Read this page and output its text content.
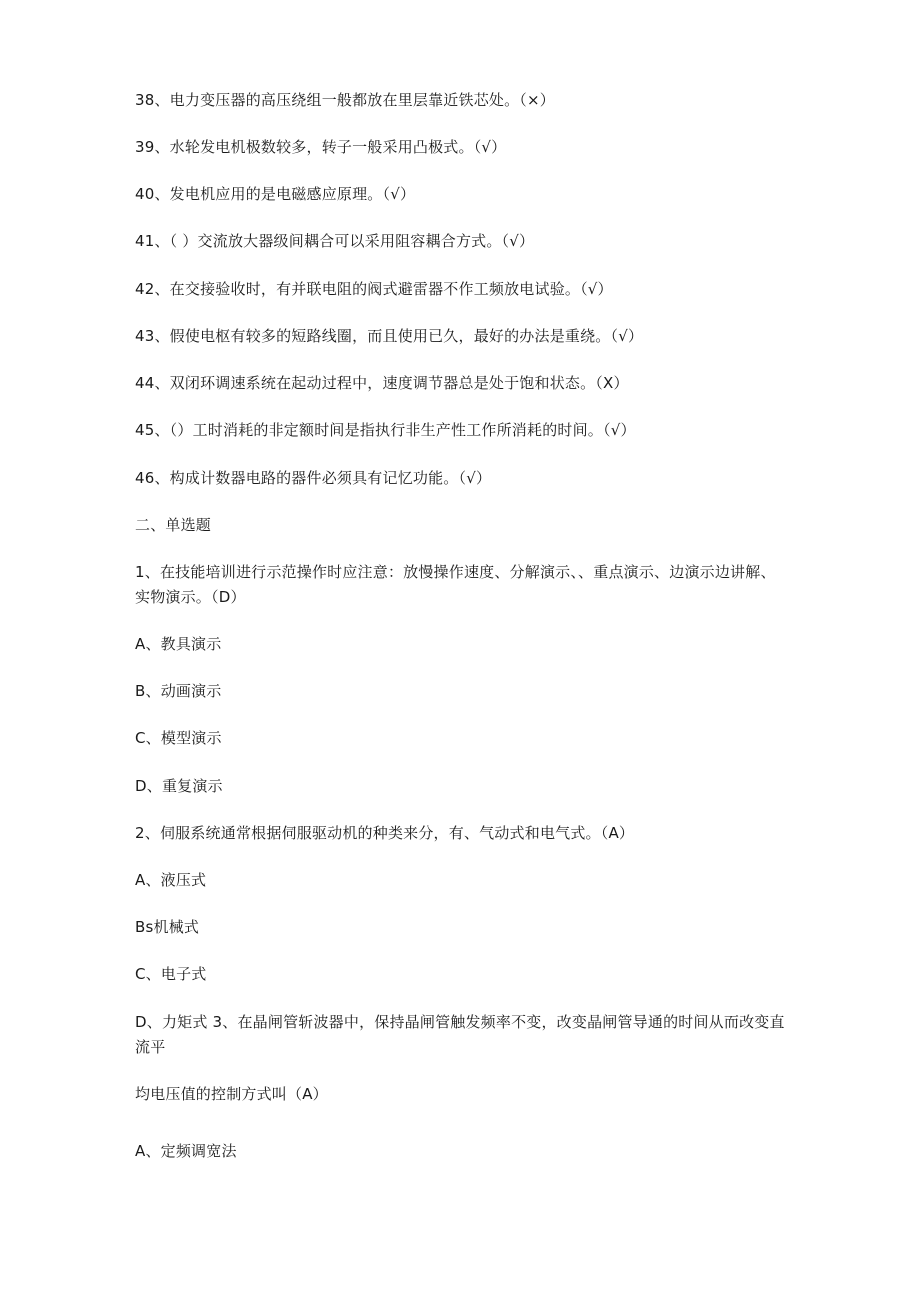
38、电力变压器的高压绕组一般都放在里层靠近铁芯处。（×）
39、水轮发电机极数较多，转子一般采用凸极式。（√）
40、发电机应用的是电磁感应原理。（√）
41、（ ）交流放大器级间耦合可以采用阻容耦合方式。（√）
42、在交接验收时，有并联电阻的阀式避雷器不作工频放电试验。（√）
43、假使电枢有较多的短路线圈，而且使用已久，最好的办法是重绕。（√）
44、双闭环调速系统在起动过程中，速度调节器总是处于饱和状态。（X）
45、（）工时消耗的非定额时间是指执行非生产性工作所消耗的时间。（√）
46、构成计数器电路的器件必须具有记忆功能。（√）
二、单选题
1、在技能培训进行示范操作时应注意：放慢操作速度、分解演示、、重点演示、边演示边讲解、实物演示。（D）
A、教具演示
B、动画演示
C、模型演示
D、重复演示
2、伺服系统通常根据伺服驱动机的种类来分，有、气动式和电气式。（A）
A、液压式
Bs机械式
C、电子式
D、力矩式 3、在晶闸管斩波器中，保持晶闸管触发频率不变，改变晶闸管导通的时间从而改变直流平
均电压值的控制方式叫（A）
A、定频调宽法
